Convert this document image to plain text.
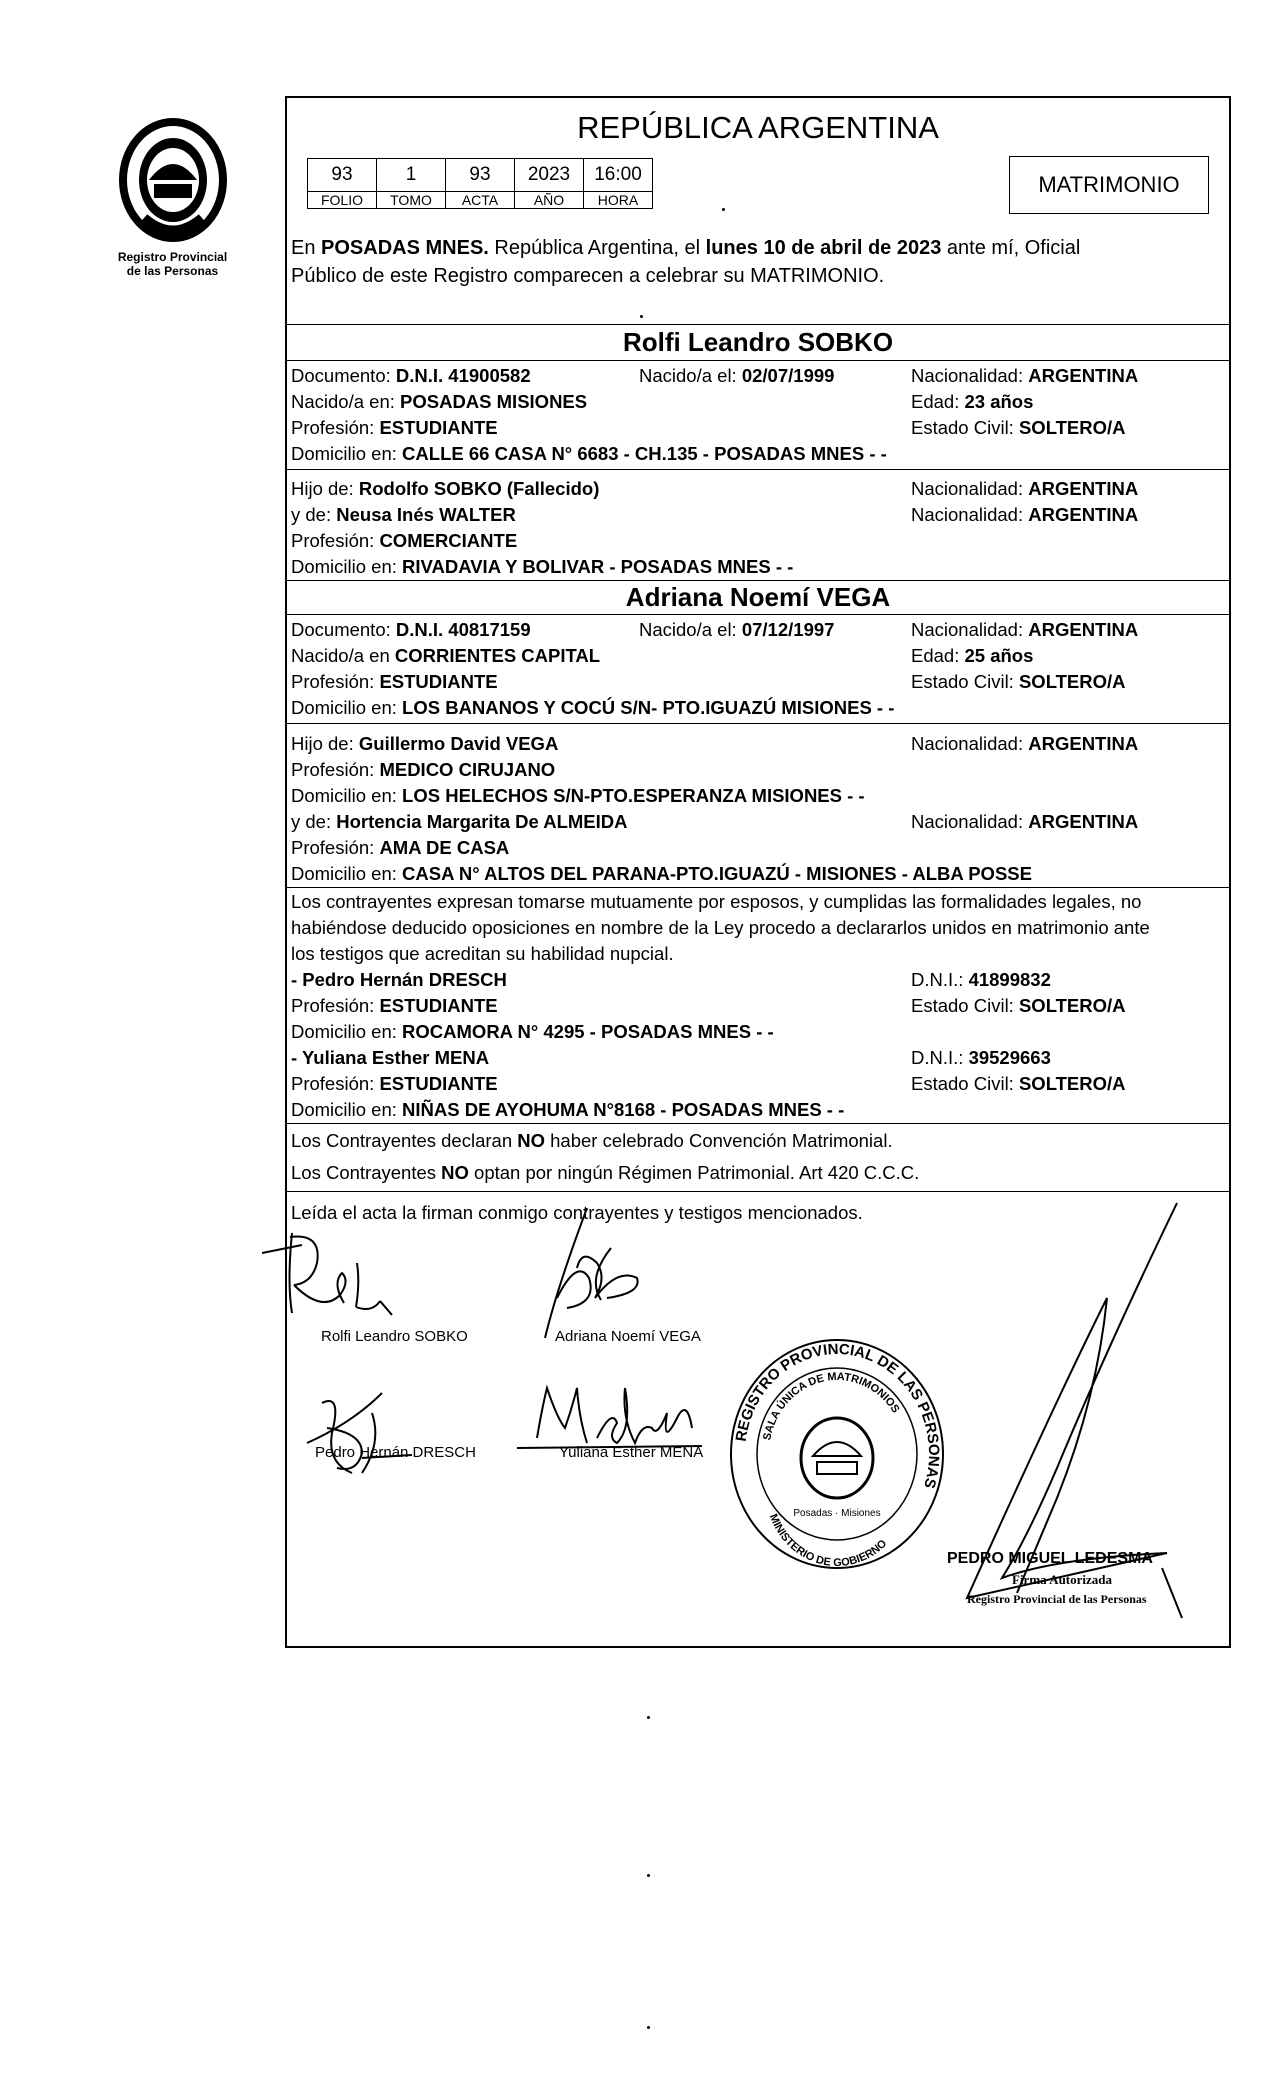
Registro Provincial
de las Personas
REPÚBLICA ARGENTINA
93	1	93	2023	16:00
FOLIO	TOMO	ACTA	AÑO	HORA
MATRIMONIO
En POSADAS MNES. República Argentina, el lunes 10 de abril de 2023 ante mí, Oficial
Público de este Registro comparecen a celebrar su MATRIMONIO.
Rolfi Leandro SOBKO
Documento: D.N.I. 41900582	Nacido/a el: 02/07/1999	Nacionalidad: ARGENTINA
Nacido/a en: POSADAS MISIONES	Edad: 23 años
Profesión: ESTUDIANTE	Estado Civil: SOLTERO/A
Domicilio en: CALLE 66 CASA N° 6683 - CH.135 - POSADAS MNES - -
Hijo de: Rodolfo SOBKO (Fallecido)	Nacionalidad: ARGENTINA
y de: Neusa Inés WALTER	Nacionalidad: ARGENTINA
Profesión: COMERCIANTE
Domicilio en: RIVADAVIA Y BOLIVAR - POSADAS MNES - -
Adriana Noemí VEGA
Documento: D.N.I. 40817159	Nacido/a el: 07/12/1997	Nacionalidad: ARGENTINA
Nacido/a en CORRIENTES CAPITAL	Edad: 25 años
Profesión: ESTUDIANTE	Estado Civil: SOLTERO/A
Domicilio en: LOS BANANOS Y COCÚ S/N- PTO.IGUAZÚ MISIONES - -
Hijo de: Guillermo David VEGA	Nacionalidad: ARGENTINA
Profesión: MEDICO CIRUJANO
Domicilio en: LOS HELECHOS S/N-PTO.ESPERANZA MISIONES - -
y de: Hortencia Margarita De ALMEIDA	Nacionalidad: ARGENTINA
Profesión: AMA DE CASA
Domicilio en: CASA N° ALTOS DEL PARANA-PTO.IGUAZÚ - MISIONES - ALBA POSSE
Los contrayentes expresan tomarse mutuamente por esposos, y cumplidas las formalidades legales, no
habiéndose deducido oposiciones en nombre de la Ley procedo a declararlos unidos en matrimonio ante
los testigos que acreditan su habilidad nupcial.
- Pedro Hernán DRESCH	D.N.I.: 41899832
Profesión: ESTUDIANTE	Estado Civil: SOLTERO/A
Domicilio en: ROCAMORA N° 4295 - POSADAS MNES - -
- Yuliana Esther MENA	D.N.I.: 39529663
Profesión: ESTUDIANTE	Estado Civil: SOLTERO/A
Domicilio en: NIÑAS DE AYOHUMA N°8168 - POSADAS MNES - -
Los Contrayentes declaran NO haber celebrado Convención Matrimonial.
Los Contrayentes NO optan por ningún Régimen Patrimonial. Art 420 C.C.C.
Leída el acta la firman conmigo contrayentes y testigos mencionados.
Rolfi Leandro SOBKO	Adriana Noemí VEGA
Pedro Hernán DRESCH	Yuliana Esther MENA
REGISTRO PROVINCIAL DE LAS PERSONAS
SALA ÚNICA DE MATRIMONIOS
MINISTERIO DE GOBIERNO
Posadas · Misiones
PEDRO MIGUEL LEDESMA
Firma Autorizada
Registro Provincial de las Personas
